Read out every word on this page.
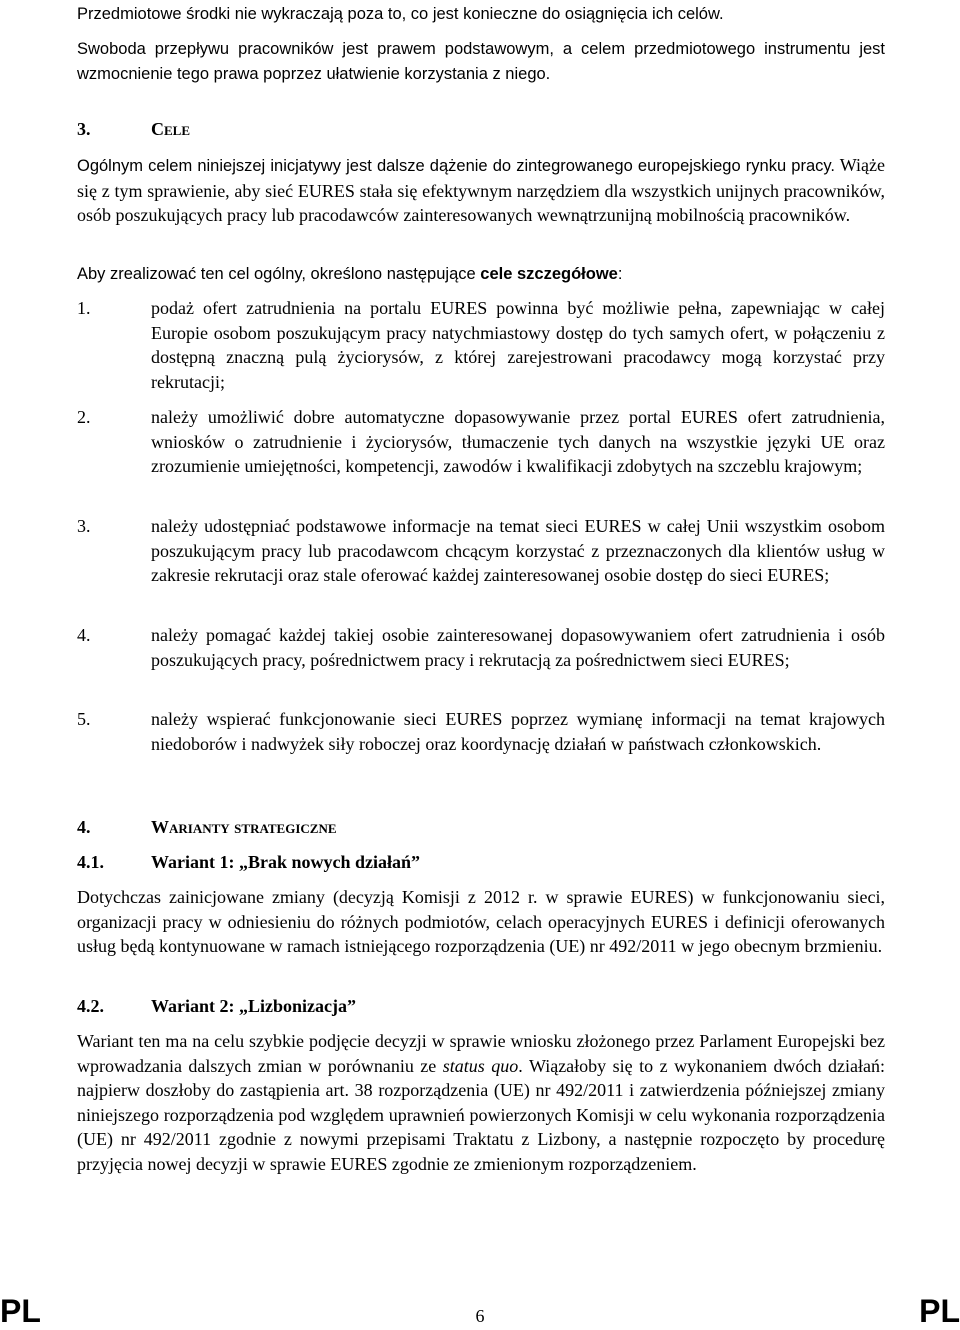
Przedmiotowe środki nie wykraczają poza to, co jest konieczne do osiągnięcia ich celów.
Swoboda przepływu pracowników jest prawem podstawowym, a celem przedmiotowego instrumentu jest wzmocnienie tego prawa poprzez ułatwienie korzystania z niego.
3.	Cele
Ogólnym celem niniejszej inicjatywy jest dalsze dążenie do zintegrowanego europejskiego rynku pracy. Wiąże się z tym sprawienie, aby sieć EURES stała się efektywnym narzędziem dla wszystkich unijnych pracowników, osób poszukujących pracy lub pracodawców zainteresowanych wewnątrzunijną mobilnością pracowników.
Aby zrealizować ten cel ogólny, określono następujące cele szczegółowe:
1.	podaż ofert zatrudnienia na portalu EURES powinna być możliwie pełna, zapewniając w całej Europie osobom poszukującym pracy natychmiastowy dostęp do tych samych ofert, w połączeniu z dostępną znaczną pulą życiorysów, z której zarejestrowani pracodawcy mogą korzystać przy rekrutacji;
2.	należy umożliwić dobre automatyczne dopasowywanie przez portal EURES ofert zatrudnienia, wniosków o zatrudnienie i życiorysów, tłumaczenie tych danych na wszystkie języki UE oraz zrozumienie umiejętności, kompetencji, zawodów i kwalifikacji zdobytych na szczeblu krajowym;
3.	należy udostępniać podstawowe informacje na temat sieci EURES w całej Unii wszystkim osobom poszukującym pracy lub pracodawcom chcącym korzystać z przeznaczonych dla klientów usług w zakresie rekrutacji oraz stale oferować każdej zainteresowanej osobie dostęp do sieci EURES;
4.	należy pomagać każdej takiej osobie zainteresowanej dopasowywaniem ofert zatrudnienia i osób poszukujących pracy, pośrednictwem pracy i rekrutacją za pośrednictwem sieci EURES;
5.	należy wspierać funkcjonowanie sieci EURES poprzez wymianę informacji na temat krajowych niedoborów i nadwyżek siły roboczej oraz koordynację działań w państwach członkowskich.
4.	Warianty strategiczne
4.1.	Wariant 1: „Brak nowych działań”
Dotychczas zainicjowane zmiany (decyzją Komisji z 2012 r. w sprawie EURES) w funkcjonowaniu sieci, organizacji pracy w odniesieniu do różnych podmiotów, celach operacyjnych EURES i definicji oferowanych usług będą kontynuowane w ramach istniejącego rozporządzenia (UE) nr 492/2011 w jego obecnym brzmieniu.
4.2.	Wariant 2: „Lizbonizacja”
Wariant ten ma na celu szybkie podjęcie decyzji w sprawie wniosku złożonego przez Parlament Europejski bez wprowadzania dalszych zmian w porównaniu ze status quo. Wiązałoby się to z wykonaniem dwóch działań: najpierw doszłoby do zastąpienia art. 38 rozporządzenia (UE) nr 492/2011 i zatwierdzenia późniejszej zmiany niniejszego rozporządzenia pod względem uprawnień powierzonych Komisji w celu wykonania rozporządzenia (UE) nr 492/2011 zgodnie z nowymi przepisami Traktatu z Lizbony, a następnie rozpoczęto by procedurę przyjęcia nowej decyzji w sprawie EURES zgodnie ze zmienionym rozporządzeniem.
PL	6	PL
